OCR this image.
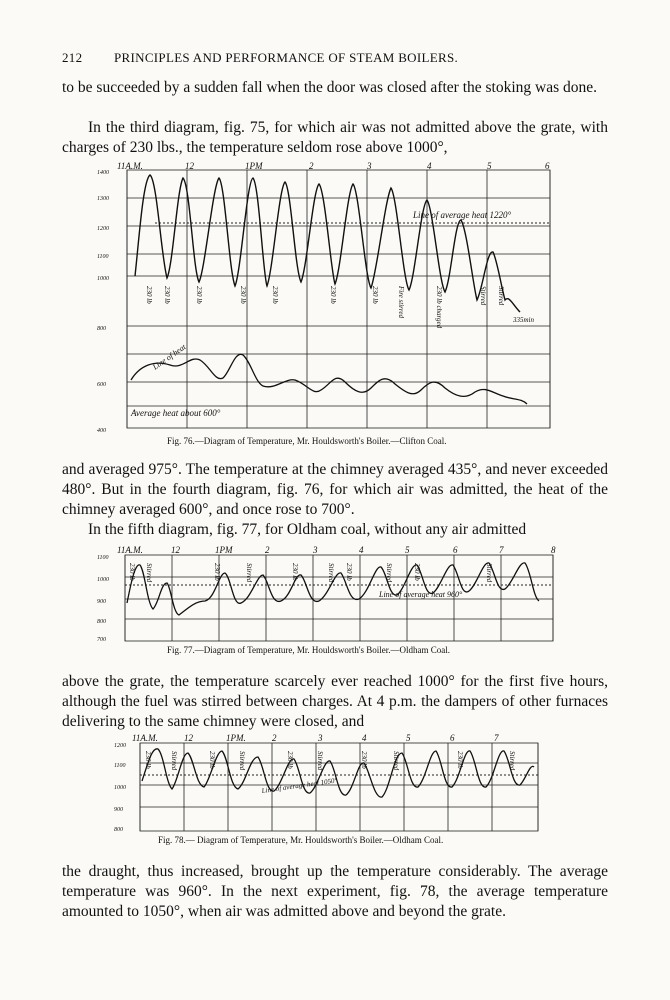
212 PRINCIPLES AND PERFORMANCE OF STEAM BOILERS.

to be succeeded by a sudden fall when the door was closed after the stoking was done.

In the third diagram, fig. 75, for which air was not admitted above the grate, with charges of 230 lbs., the temperature seldom rose above 1000°,

11A.M.	12	1PM	2	3	4	5	6
1400
1300
1200
1100
1000
800
600
400
Line of average heat 1220°
335min
Line of heat
Average heat about 600°
230 lb 230 lb	230 lb	230 lb	230 lb	230 lb	230 lb	Fire stirred	230 lb charged	Stirred Stirred
Fig. 76.—Diagram of Temperature, Mr. Houldsworth's Boiler.—Clifton Coal.

and averaged 975°. The temperature at the chimney averaged 435°, and never exceeded 480°. But in the fourth diagram, fig. 76, for which air was admitted, the heat of the chimney averaged 600°, and once rose to 700°.

In the fifth diagram, fig. 77, for Oldham coal, without any air admitted

11A.M.	12	1PM	2	3	4	5	6	7	8
1100
1000
900
800
700
Line of average heat 960°
230 lb Stirred	230 lb	Stirred	230 lb	Stirred 230 lb	Stirred	230 lb	Stirred
Fig. 77.—Diagram of Temperature, Mr. Houldsworth's Boiler.—Oldham Coal.

above the grate, the temperature scarcely ever reached 1000° for the first five hours, although the fuel was stirred between charges. At 4 p.m. the dampers of other furnaces delivering to the same chimney were closed, and

11A.M.	12	1PM.	2	3	4	5	6	7
1200
1100
1000
900
800
Line of average heat 1050°
230 lb	Stirred	230 lb	Stirred	230 lb	Stirred	230 lb	Stirred	230 lb	Stirred
Fig. 78.— Diagram of Temperature, Mr. Houldsworth's Boiler.—Oldham Coal.

the draught, thus increased, brought up the temperature considerably. The average temperature was 960°. In the next experiment, fig. 78, the average temperature amounted to 1050°, when air was admitted above and beyond the grate.
